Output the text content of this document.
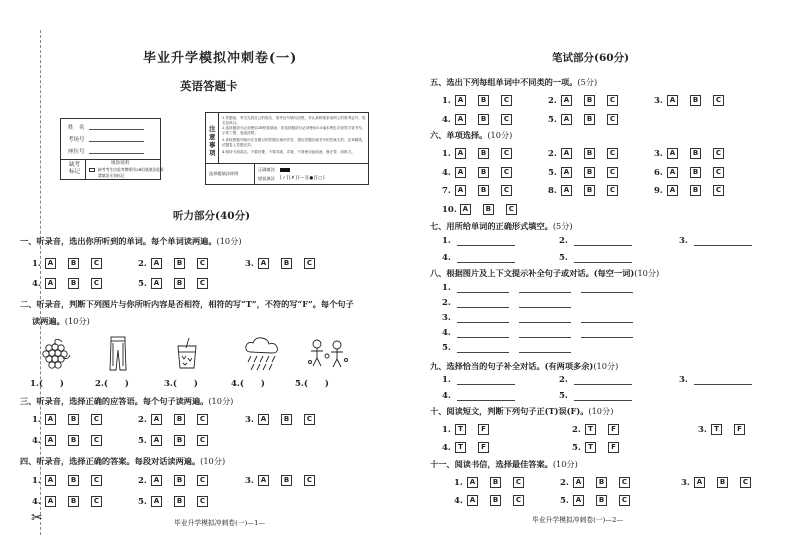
✂
毕业升学模拟冲刺卷(一)
英语答题卡
姓　名
考场号
座位号
缺考
标记
填涂说明
缺考考生由监考教师用2B铅笔填涂此框
禁填涂无效标记
注意事项
1.答题前，考生先将自己的姓名、准考证号填写清楚，并认真核准条形码上的准考证号、姓名及科目。
2.选择题部分必须使用2B铅笔填涂；非选择题部分必须使用0.5毫米黑色字迹签字笔书写，字体工整、笔迹清楚。
3.请按照题号顺序在各题目的答题区域内作答，超出答题区域书写的答案无效；在草稿纸、试题卷上答题无效。
4.保持卡面清洁，不要折叠、不要弄破、弄皱，不准使用涂改液、修正带、刮纸刀。
选择题填涂样例
正确填涂
错误填涂 [✓][✗][—][●][○]
听力部分(40分)
一、听录音，选出你所听到的单词。每个单词读两遍。(10分)
1. A	B	C	2. A	B	C	3. A	B	C
4. A	B	C	5. A	B	C
二、听录音，判断下列图片与你所听内容是否相符，相符的写“T”，不符的写“F”。每个句子
读两遍。(10分)
1.(　　)	2.(　　)	3.(　　)	4.(　　)	5.(　　)
三、听录音，选择正确的应答语。每个句子读两遍。(10分)
1. A	B	C	2. A	B	C	3. A	B	C
4. A	B	C	5. A	B	C
四、听录音，选择正确的答案。每段对话读两遍。(10分)
1. A	B	C	2. A	B	C	3. A	B	C
4. A	B	C	5. A	B	C
毕业升学模拟冲刺卷(一)—1—
笔试部分(60分)
五、选出下列每组单词中不同类的一项。(5分)
1. A	B	C	2. A	B	C	3. A	B	C
4. A	B	C	5. A	B	C
六、单项选择。(10分)
1. A	B	C	2. A	B	C	3. A	B	C
4. A	B	C	5. A	B	C	6. A	B	C
7. A	B	C	8. A	B	C	9. A	B	C
10. A	B	C
七、用所给单词的正确形式填空。(5分)
1.	2.	3.
4.	5.
八、根据图片及上下文提示补全句子或对话。(每空一词)(10分)
1.
2.
3.
4.
5.
九、选择恰当的句子补全对话。(有两项多余)(10分)
1.	2.	3.
4.	5.
十、阅读短文，判断下列句子正(T)误(F)。(10分)
1.	T	F	2.	T	F	3.	T	F
4.	T	F	5.	T	F
十一、阅读书信，选择最佳答案。(10分)
1. A	B	C	2. A	B	C	3. A	B	C
4. A	B	C	5. A	B	C
毕业升学模拟冲刺卷(一)—2—
